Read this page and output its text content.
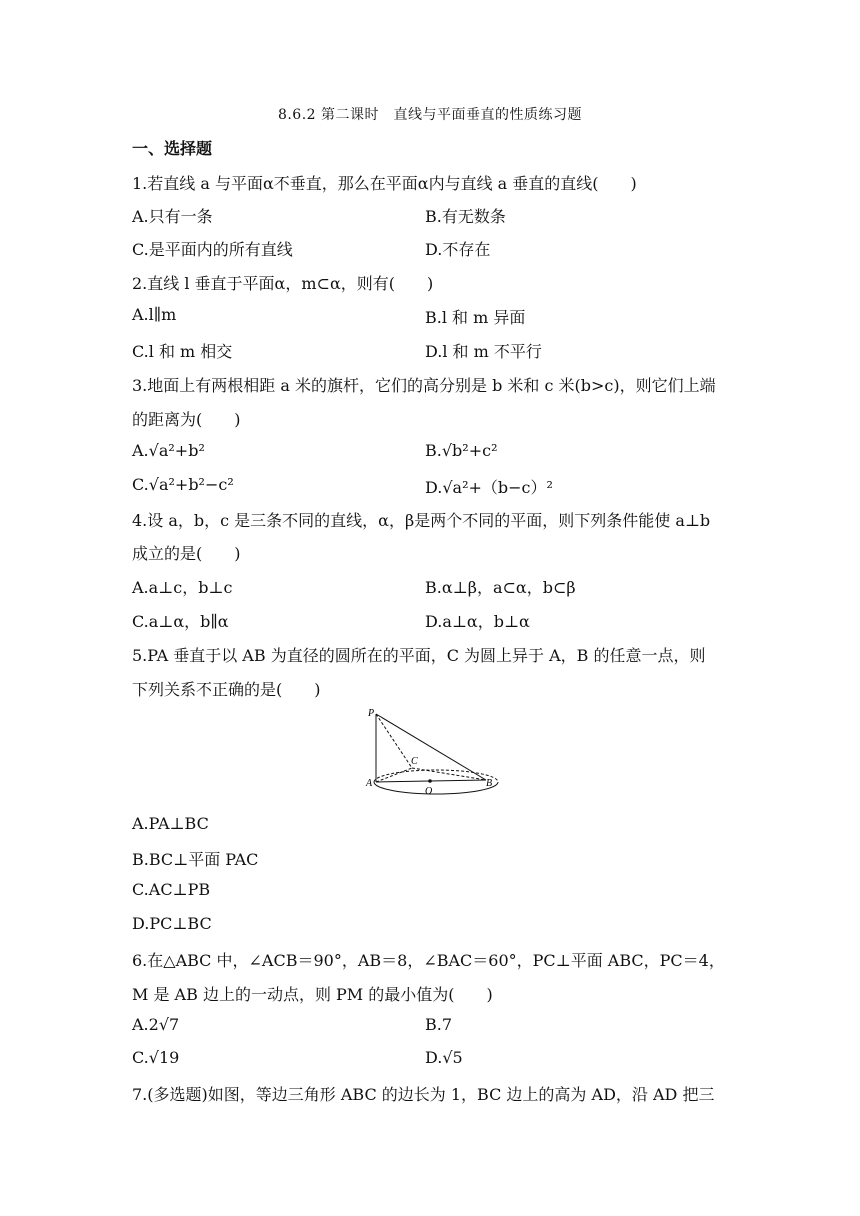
8.6.2 第二课时　直线与平面垂直的性质练习题
一、选择题
1.若直线 a 与平面α不垂直，那么在平面α内与直线 a 垂直的直线(　　)
A.只有一条	B.有无数条
C.是平面内的所有直线	D.不存在
2.直线 l 垂直于平面α，m⊂α，则有(　　)
A.l∥m	B.l 和 m 异面
C.l 和 m 相交	D.l 和 m 不平行
3.地面上有两根相距 a 米的旗杆，它们的高分别是 b 米和 c 米(b>c)，则它们上端
的距离为(　　)
A.√a²+b²	B.√b²+c²
C.√a²+b²−c²	D.√a²+（b−c）²
4.设 a，b，c 是三条不同的直线，α，β是两个不同的平面，则下列条件能使 a⊥b
成立的是(　　)
A.a⊥c，b⊥c	B.α⊥β，a⊂α，b⊂β
C.a⊥α，b∥α	D.a⊥α，b⊥α
5.PA 垂直于以 AB 为直径的圆所在的平面，C 为圆上异于 A，B 的任意一点，则
下列关系不正确的是(　　)
P
A	B
C
O
A.PA⊥BC
B.BC⊥平面 PAC
C.AC⊥PB
D.PC⊥BC
6.在△ABC 中，∠ACB＝90°，AB＝8，∠BAC＝60°，PC⊥平面 ABC，PC＝4，
M 是 AB 边上的一动点，则 PM 的最小值为(　　)
A.2√7	B.7
C.√19	D.√5
7.(多选题)如图，等边三角形 ABC 的边长为 1，BC 边上的高为 AD，沿 AD 把三
